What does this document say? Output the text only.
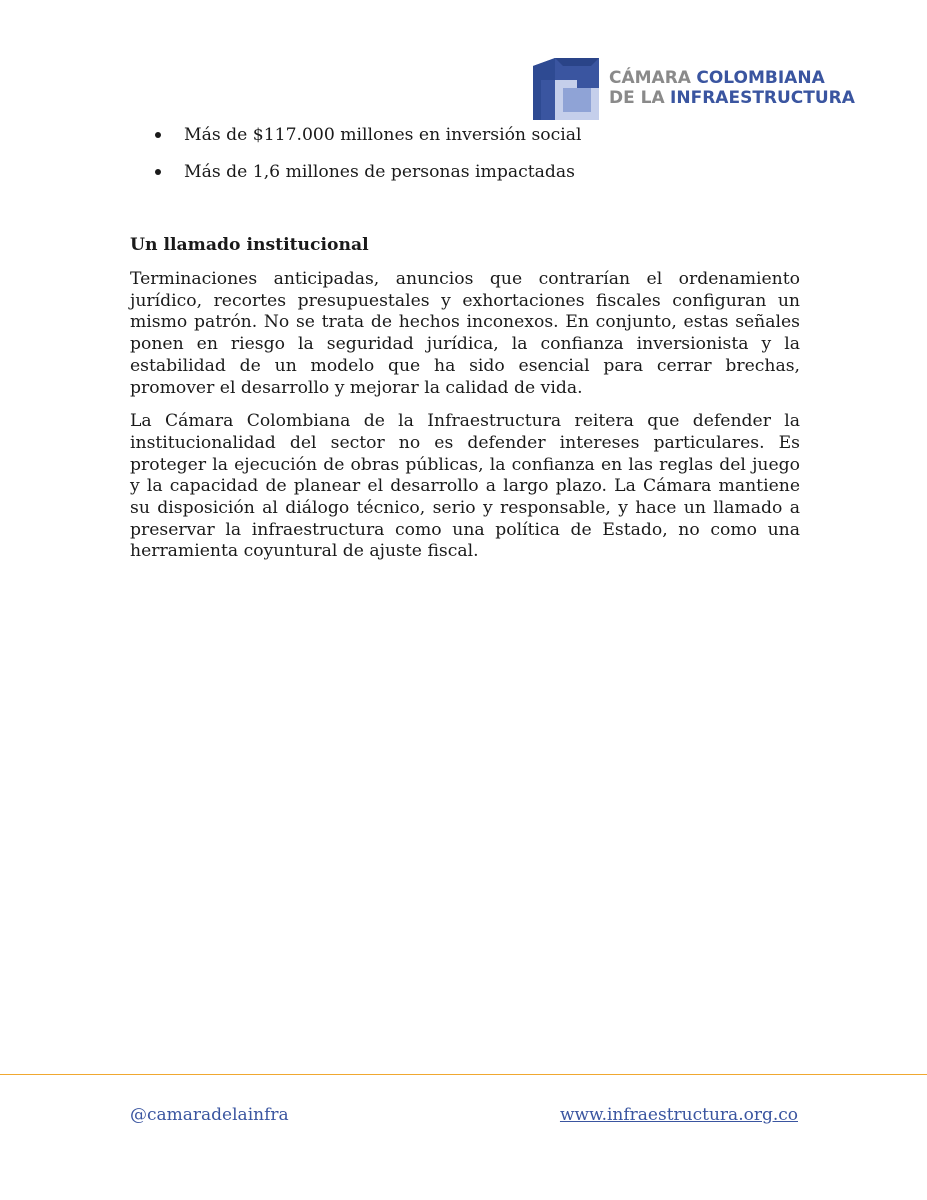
CÁMARA COLOMBIANA
DE LA INFRAESTRUCTURA
Más de $117.000 millones en inversión social
Más de 1,6 millones de personas impactadas
Un llamado institucional

Terminaciones anticipadas, anuncios que contrarían el ordenamiento jurídico, recortes presupuestales y exhortaciones fiscales configuran un mismo patrón. No se trata de hechos inconexos. En conjunto, estas señales ponen en riesgo la seguridad jurídica, la confianza inversionista y la estabilidad de un modelo que ha sido esencial para cerrar brechas, promover el desarrollo y mejorar la calidad de vida.

La Cámara Colombiana de la Infraestructura reitera que defender la institucionalidad del sector no es defender intereses particulares. Es proteger la ejecución de obras públicas, la confianza en las reglas del juego y la capacidad de planear el desarrollo a largo plazo. La Cámara mantiene su disposición al diálogo técnico, serio y responsable, y hace un llamado a preservar la infraestructura como una política de Estado, no como una herramienta coyuntural de ajuste fiscal.

@camaradelainfra	www.infraestructura.org.co
